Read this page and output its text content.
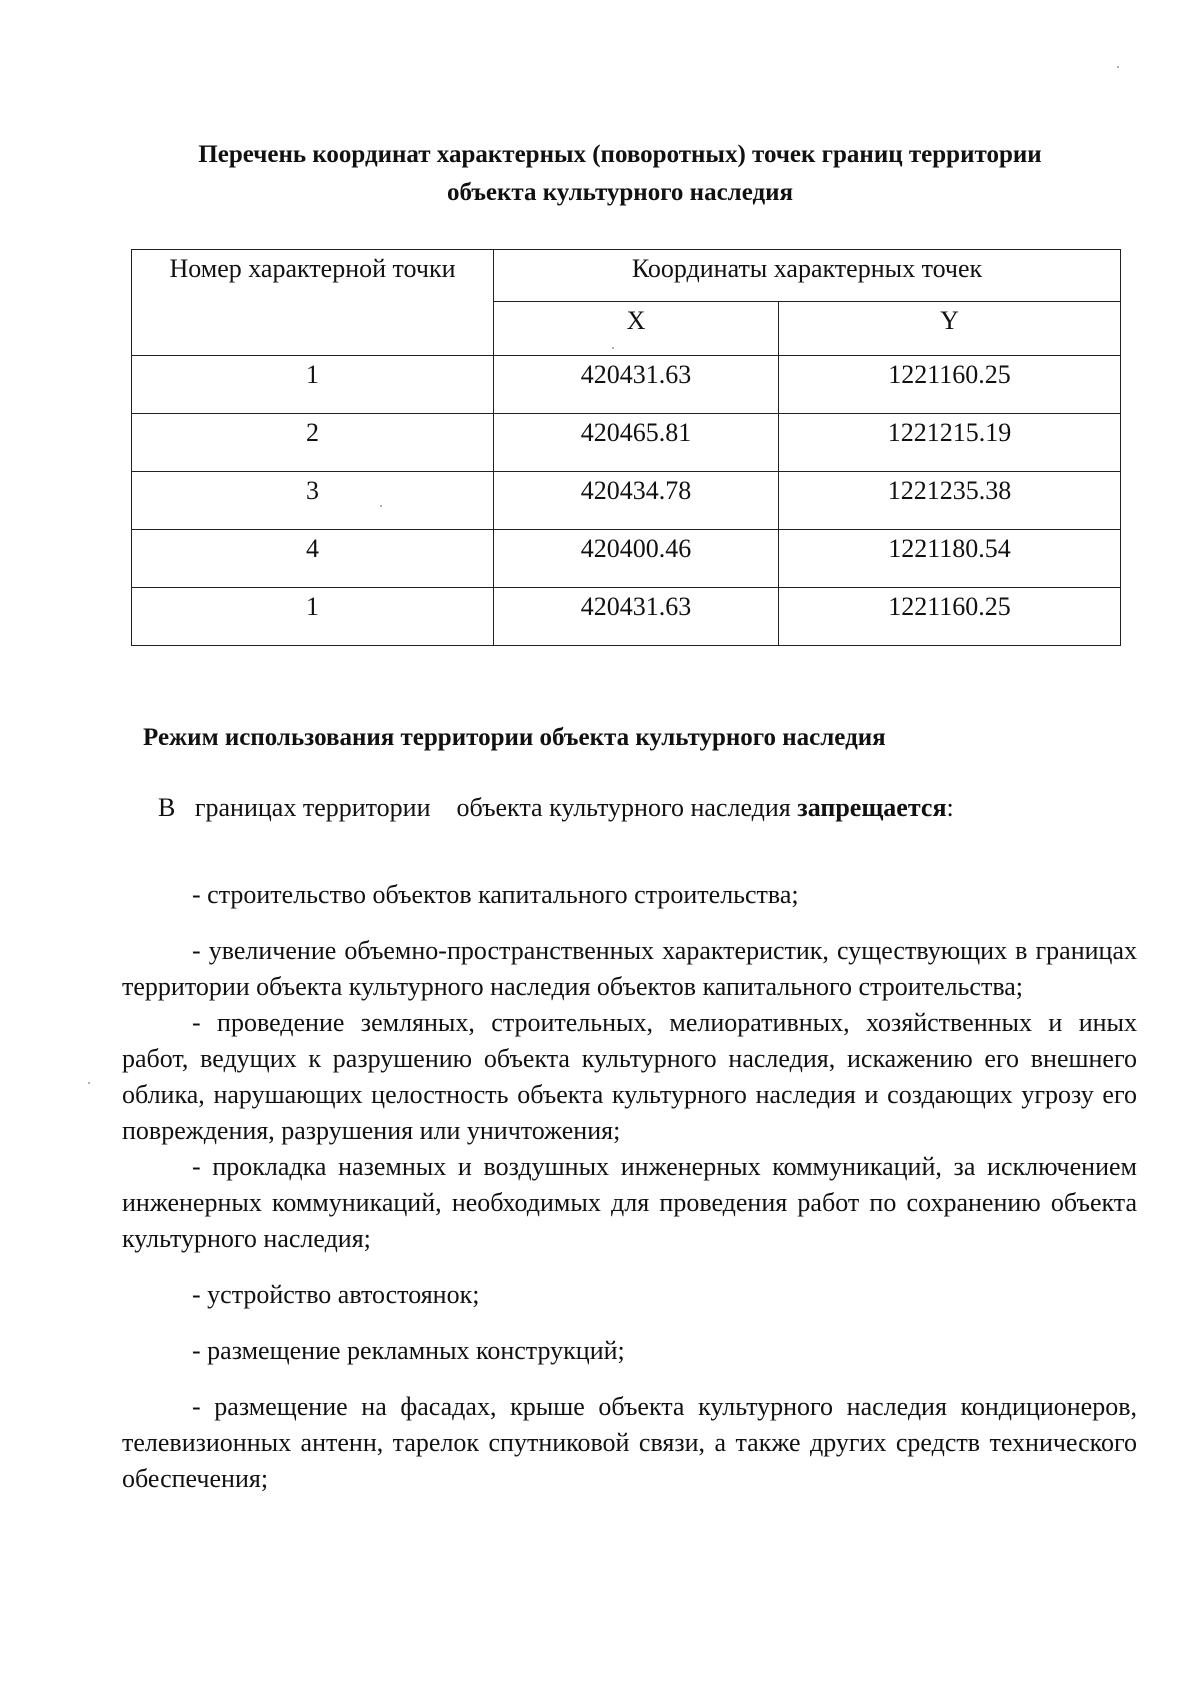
Перечень координат характерных (поворотных) точек границ территории
объекта культурного наследия
Номер характерной точки	Координаты характерных точек	
	X	Y
1	420431.63	1221160.25
2	420465.81	1221215.19
3	420434.78	1221235.38
4	420400.46	1221180.54
1	420431.63	1221160.25
Режим использования территории объекта культурного наследия
В   границах территории    объекта культурного наследия запрещается:
- строительство объектов капитального строительства;
- увеличение объемно-пространственных характеристик, существующих в границах территории объекта культурного наследия объектов капитального строительства;
- проведение земляных, строительных, мелиоративных, хозяйственных и иных работ, ведущих к разрушению объекта культурного наследия, искажению его внешнего облика, нарушающих целостность объекта культурного наследия и создающих угрозу его повреждения, разрушения или уничтожения;
- прокладка наземных и воздушных инженерных коммуникаций, за исключением инженерных коммуникаций, необходимых для проведения работ по сохранению объекта культурного наследия;
- устройство автостоянок;
- размещение рекламных конструкций;
- размещение на фасадах, крыше объекта культурного наследия кондиционеров, телевизионных антенн, тарелок спутниковой связи, а также других средств технического обеспечения;
